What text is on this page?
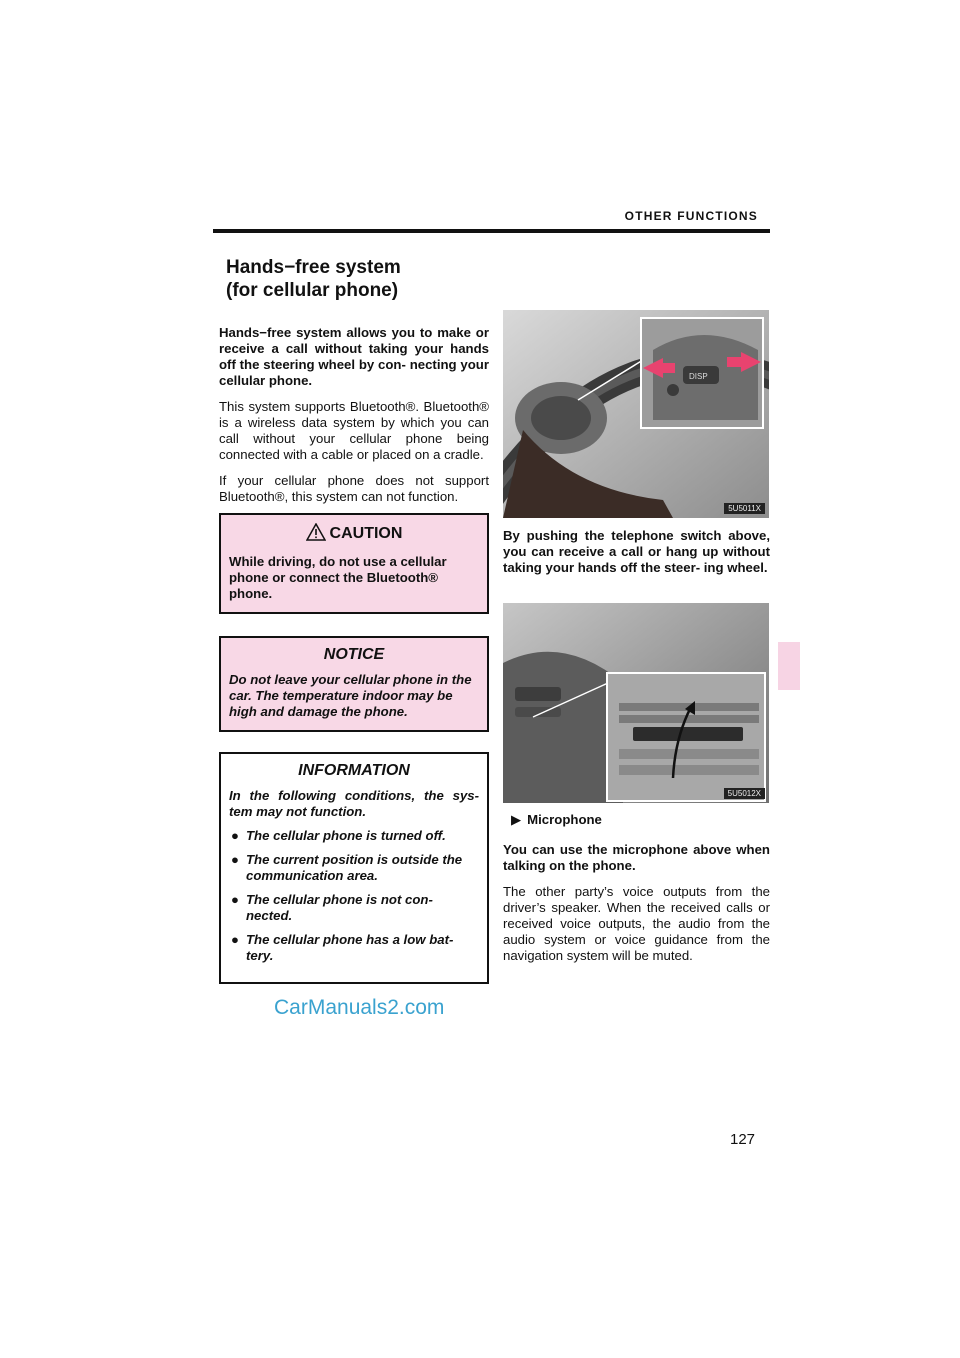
OTHER FUNCTIONS
Hands−free system
(for cellular phone)

Hands−free system allows you to make or receive a call without taking your hands off the steering wheel by con- necting your cellular phone.

This system supports Bluetooth®. Bluetooth® is a wireless data system by which you can call without your cellular phone being connected with a cable or placed on a cradle.

If your cellular phone does not support Bluetooth®, this system can not function.

CAUTION
While driving, do not use a cellular phone or connect the Bluetooth® phone.
NOTICE
Do not leave your cellular phone in the car. The temperature indoor may be high and damage the phone.
INFORMATION

In the following conditions, the sys- tem may not function.

● The cellular phone is turned off.
● The current position is outside the communication area.
● The cellular phone is not con- nected.
● The cellular phone has a low bat- tery.
DISP
5U5011X

By pushing the telephone switch above, you can receive a call or hang up without taking your hands off the steer- ing wheel.

5U5012X
▶ Microphone

You can use the microphone above when talking on the phone.

The other party’s voice outputs from the driver’s speaker. When the received calls or received voice outputs, the audio from the audio system or voice guidance from the navigation system will be muted.

CarManuals2.com
127
